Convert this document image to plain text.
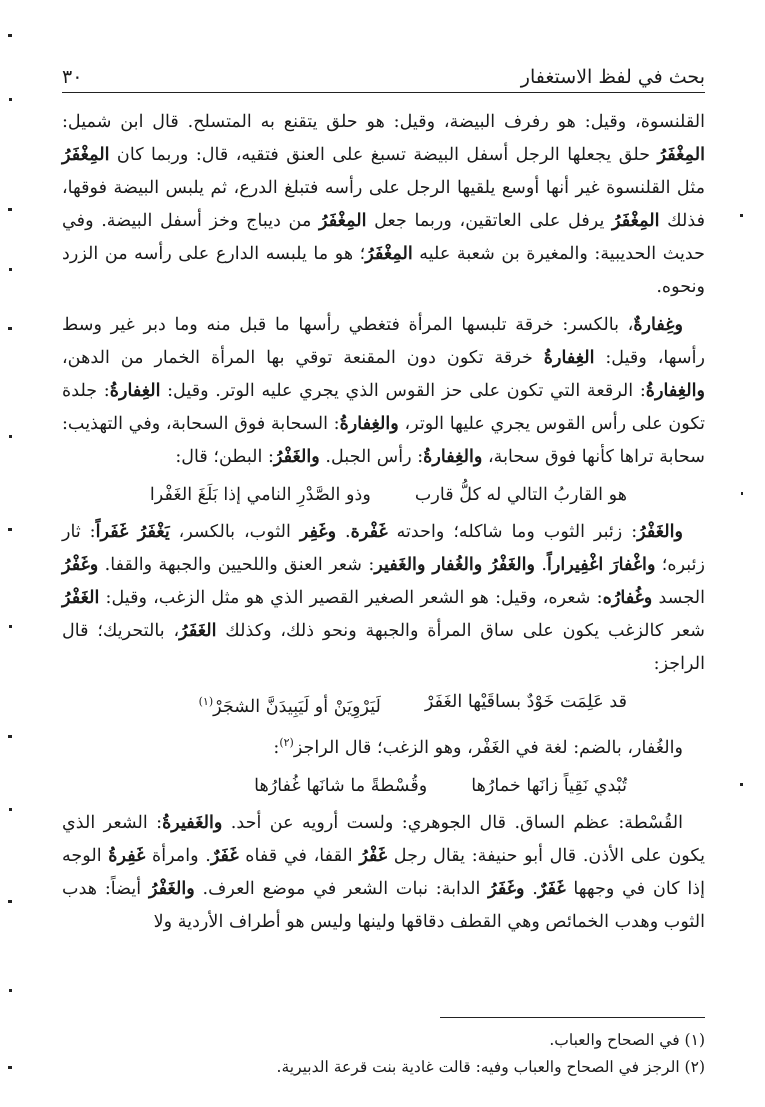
بحث في لفظ الاستغفار
٣٠

القلنسوة، وقيل: هو رفرف البيضة، وقيل: هو حلق يتقنع به المتسلح. قال ابن شميل: المِغْفَرُ حلق يجعلها الرجل أسفل البيضة تسبغ على العنق فتقيه، قال: وربما كان المِغْفَرُ مثل القلنسوة غير أنها أوسع يلقيها الرجل على رأسه فتبلغ الدرع، ثم يلبس البيضة فوقها، فذلك المِغْفَرُ يرفل على العاتقين، وربما جعل المِغْفَرُ من ديباج وخز أسفل البيضة. وفي حديث الحديبية: والمغيرة بن شعبة عليه المِغْفَرُ؛ هو ما يلبسه الدارع على رأسه من الزرد ونحوه.

وغِفارةٌ، بالكسر: خرقة تلبسها المرأة فتغطي رأسها ما قبل منه وما دبر غير وسط رأسها، وقيل: الغِفارةُ خرقة تكون دون المقنعة توقي بها المرأة الخمار من الدهن، والغِفارةُ: الرقعة التي تكون على حز القوس الذي يجري عليه الوتر. وقيل: الغِفارةُ: جلدة تكون على رأس القوس يجري عليها الوتر، والغِفارةُ: السحابة فوق السحابة، وفي التهذيب: سحابة تراها كأنها فوق سحابة، والغِفارةُ: رأس الجبل. والغَفْرُ: البطن؛ قال:

هو القاربُ التالي له كلُّ قارب
وذو الصَّدْرِ النامي إذا بَلَغَ الغَفْرا

والغَفْرُ: زئبر الثوب وما شاكله؛ واحدته غَفْرة. وغَفِر الثوب، بالكسر، يَغْفَرُ غَفَراً: ثار زئبره؛ واغْفارَ اغْفِيراراً. والغَفْرُ والغُفار والغَفير: شعر العنق واللحيين والجبهة والقفا. وغَفْرُ الجسد وغُفارُه: شعره، وقيل: هو الشعر الصغير القصير الذي هو مثل الزغب، وقيل: الغَفْرُ شعر كالزغب يكون على ساق المرأة والجبهة ونحو ذلك، وكذلك الغَفَرُ، بالتحريك؛ قال الراجز:

قد عَلِمَت خَوْدٌ بساقَيْها الغَفَرْ
لَيَرْوِيَنْ أو لَيَبِيدَنَّ الشجَرْ$^{(١)}$

والغُفار، بالضم: لغة في الغَفْر، وهو الزغب؛ قال الراجز$^{(٢)}$:

تُبْدي نَقِياً زانَها خمارُها
وقُسْطةً ما شانَها غُفارُها

القُسْطة: عظم الساق. قال الجوهري: ولست أرويه عن أحد. والغَفيرةُ: الشعر الذي يكون على الأذن. قال أبو حنيفة: يقال رجل غَفْرُ القفا، في قفاه غَفَرٌ. وامرأة غَفِرةُ الوجه إذا كان في وجهها غَفَرٌ. وغَفَرُ الدابة: نبات الشعر في موضع العرف. والغَفْرُ أيضاً: هدب الثوب وهدب الخمائص وهي القطف دقاقها ولينها وليس هو أطراف الأردية ولا

(١) في الصحاح والعباب.
(٢) الرجز في الصحاح والعباب وفيه: قالت غادية بنت قرعة الدبيرية.
